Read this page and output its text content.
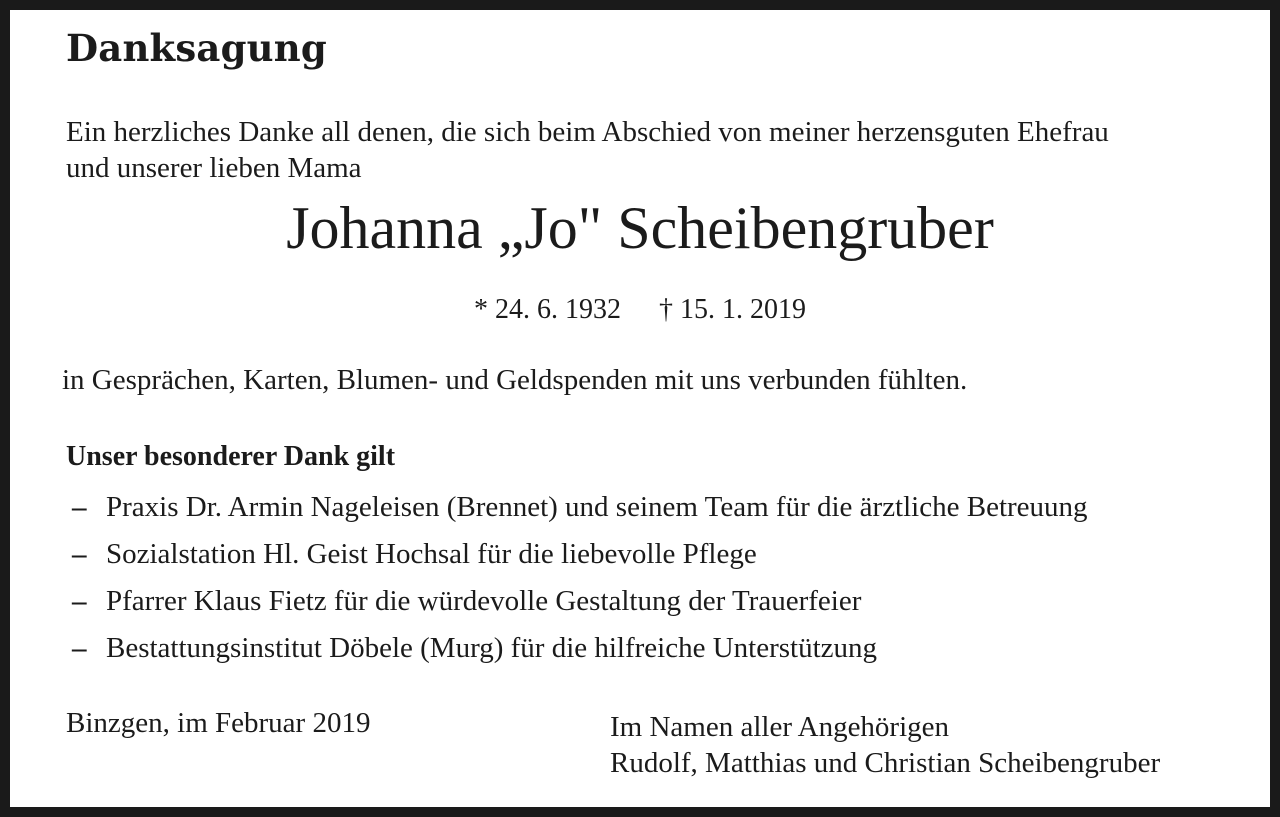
Danksagung
Ein herzliches Danke all denen, die sich beim Abschied von meiner herzensguten Ehefrau
und unserer lieben Mama
Johanna „Jo" Scheibengruber
* 24. 6. 1932 † 15. 1. 2019
in Gesprächen, Karten, Blumen- und Geldspenden mit uns verbunden fühlten.
Unser besonderer Dank gilt
– Praxis Dr. Armin Nageleisen (Brennet) und seinem Team für die ärztliche Betreuung
– Sozialstation Hl. Geist Hochsal für die liebevolle Pflege
– Pfarrer Klaus Fietz für die würdevolle Gestaltung der Trauerfeier
– Bestattungsinstitut Döbele (Murg) für die hilfreiche Unterstützung
Binzgen, im Februar 2019	Im Namen aller Angehörigen
Rudolf, Matthias und Christian Scheibengruber
